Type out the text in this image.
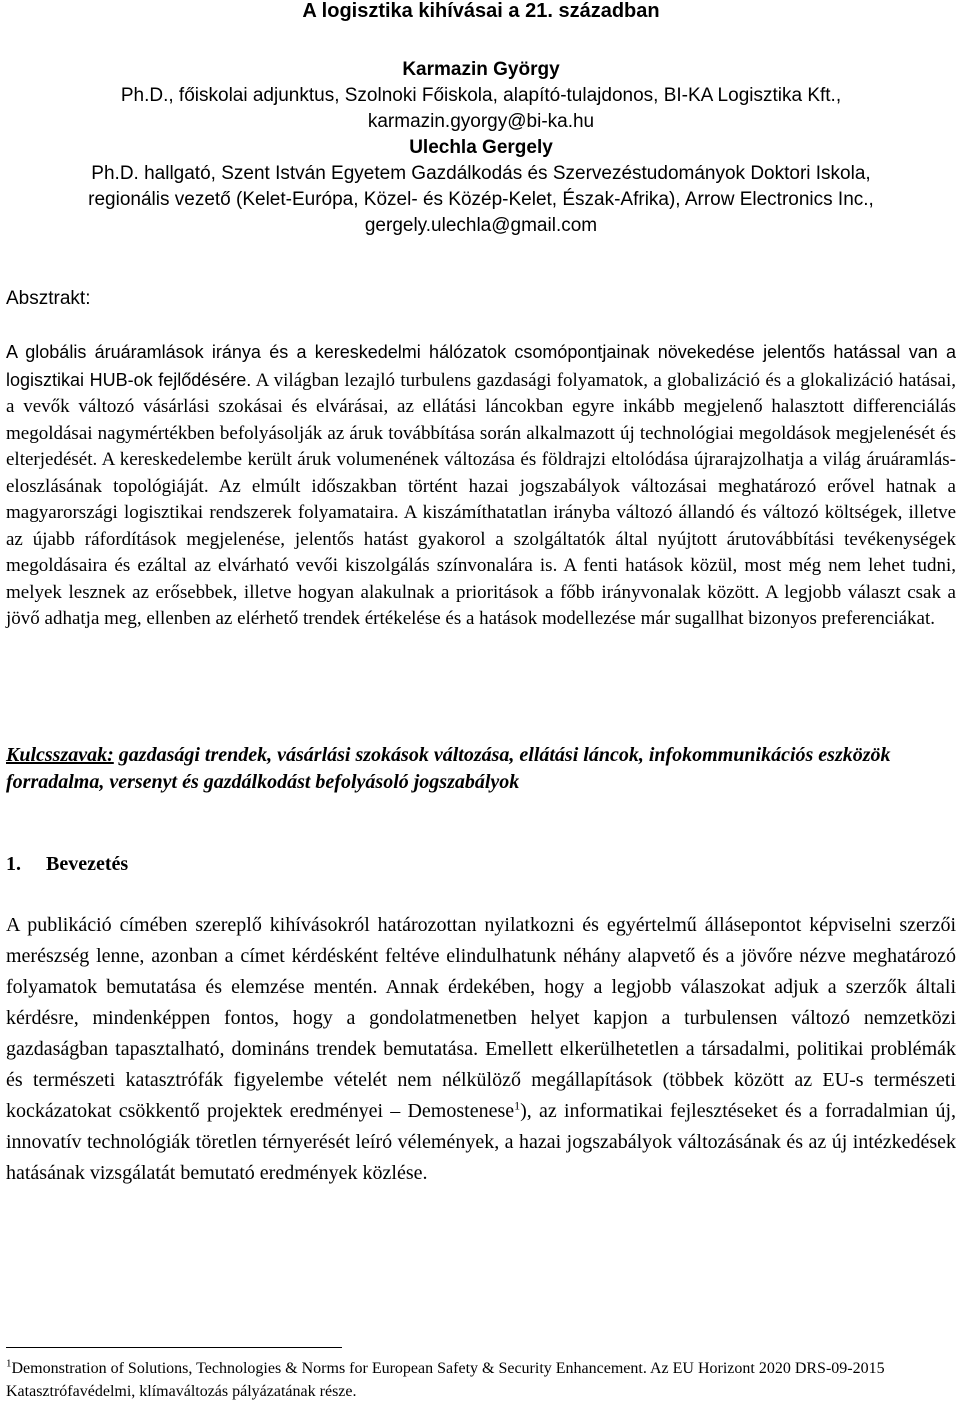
A logisztika kihívásai a 21. században
Karmazin György
Ph.D., főiskolai adjunktus, Szolnoki Főiskola, alapító-tulajdonos, BI-KA Logisztika Kft.,
karmazin.gyorgy@bi-ka.hu
Ulechla Gergely
Ph.D. hallgató, Szent István Egyetem Gazdálkodás és Szervezéstudományok Doktori Iskola,
regionális vezető (Kelet-Európa, Közel- és Közép-Kelet, Észak-Afrika), Arrow Electronics Inc.,
gergely.ulechla@gmail.com
Absztrakt:

A globális áruáramlások iránya és a kereskedelmi hálózatok csomópontjainak növekedése jelentős hatással van a logisztikai HUB-ok fejlődésére. A világban lezajló turbulens gazdasági folyamatok, a globalizáció és a glokalizáció hatásai, a vevők változó vásárlási szokásai és elvárásai, az ellátási láncokban egyre inkább megjelenő halasztott differenciálás megoldásai nagymértékben befolyásolják az áruk továbbítása során alkalmazott új technológiai megoldások megjelenését és elterjedését. A kereskedelembe került áruk volumenének változása és földrajzi eltolódása újrarajzolhatja a világ áruáramlás-eloszlásának topológiáját. Az elmúlt időszakban történt hazai jogszabályok változásai meghatározó erővel hatnak a magyarországi logisztikai rendszerek folyamataira. A kiszámíthatatlan irányba változó állandó és változó költségek, illetve az újabb ráfordítások megjelenése, jelentős hatást gyakorol a szolgáltatók által nyújtott árutovábbítási tevékenységek megoldásaira és ezáltal az elvárható vevői kiszolgálás színvonalára is. A fenti hatások közül, most még nem lehet tudni, melyek lesznek az erősebbek, illetve hogyan alakulnak a prioritások a főbb irányvonalak között. A legjobb választ csak a jövő adhatja meg, ellenben az elérhető trendek értékelése és a hatások modellezése már sugallhat bizonyos preferenciákat.

Kulcsszavak: gazdasági trendek, vásárlási szokások változása, ellátási láncok, infokommunikációs eszközök forradalma, versenyt és gazdálkodást befolyásoló jogszabályok

1. Bevezetés

A publikáció címében szereplő kihívásokról határozottan nyilatkozni és egyértelmű állásepontot képviselni szerzői merészség lenne, azonban a címet kérdésként feltéve elindulhatunk néhány alapvető és a jövőre nézve meghatározó folyamatok bemutatása és elemzése mentén. Annak érdekében, hogy a legjobb válaszokat adjuk a szerzők általi kérdésre, mindenképpen fontos, hogy a gondolatmenetben helyet kapjon a turbulensen változó nemzetközi gazdaságban tapasztalható, domináns trendek bemutatása. Emellett elkerülhetetlen a társadalmi, politikai problémák és természeti katasztrófák figyelembe vételét nem nélkülöző megállapítások (többek között az EU-s természeti kockázatokat csökkentő projektek eredményei – Demostenese$^1$), az informatikai fejlesztéseket és a forradalmian új, innovatív technológiák töretlen térnyerését leíró vélemények, a hazai jogszabályok változásának és az új intézkedések hatásának vizsgálatát bemutató eredmények közlése.

$^1$Demonstration of Solutions, Technologies & Norms for European Safety & Security Enhancement. Az EU Horizont 2020 DRS-09-2015 Katasztrófavédelmi, klímaváltozás pályázatának része.
